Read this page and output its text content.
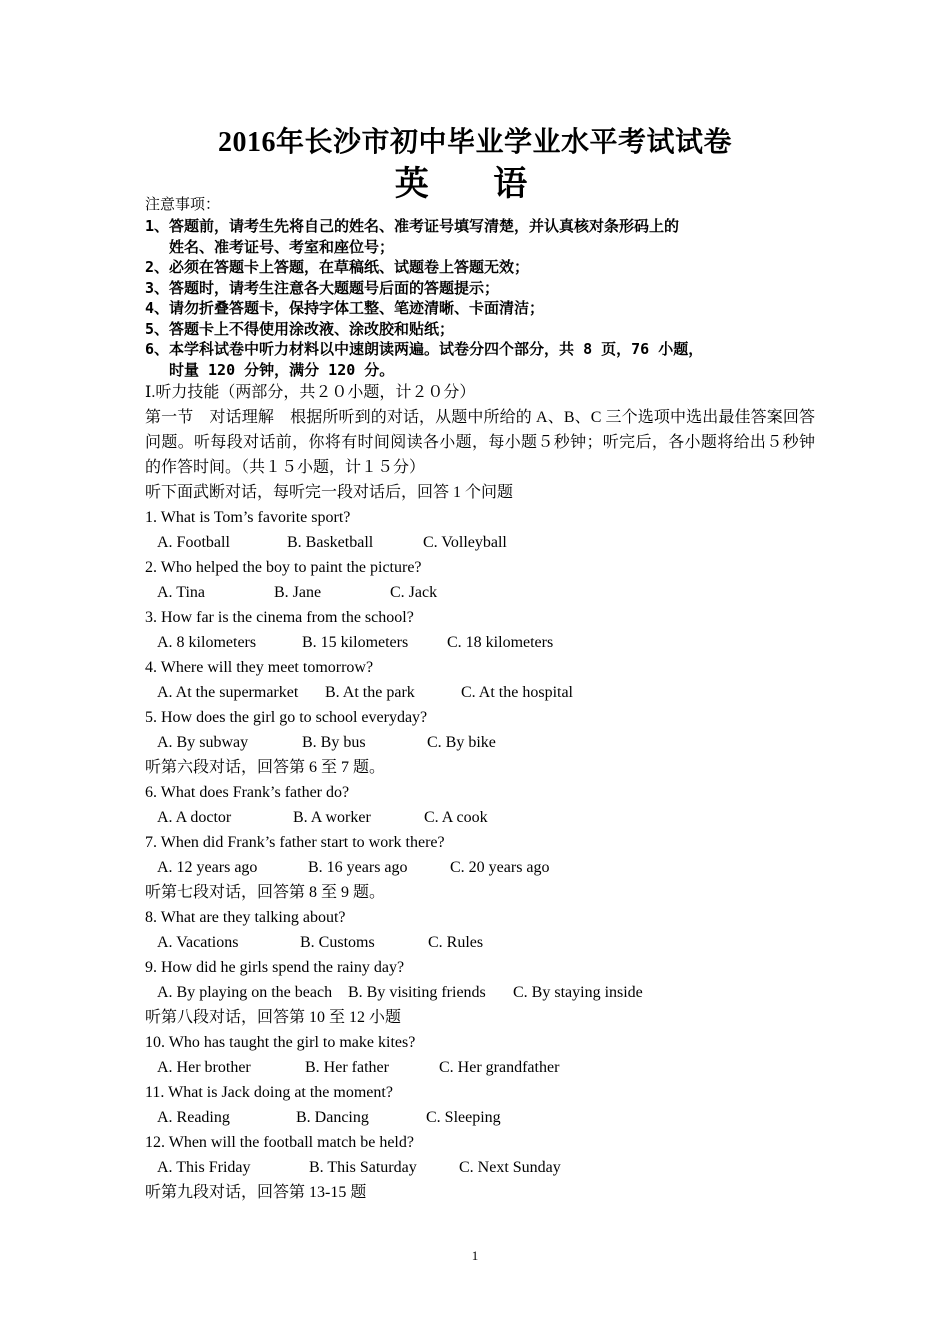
2016年长沙市初中毕业学业水平考试试卷
英 语
注意事项：
1、答题前，请考生先将自己的姓名、准考证号填写清楚，并认真核对条形码上的
姓名、准考证号、考室和座位号；
2、必须在答题卡上答题，在草稿纸、试题卷上答题无效；
3、答题时，请考生注意各大题题号后面的答题提示；
4、请勿折叠答题卡，保持字体工整、笔迹清晰、卡面清洁；
5、答题卡上不得使用涂改液、涂改胶和贴纸；
6、本学科试卷中听力材料以中速朗读两遍。试卷分四个部分，共 8 页，76 小题，
时量 120 分钟，满分 120 分。
Ⅰ.听力技能（两部分，共２０小题，计２０分）
第一节　对话理解　根据所听到的对话，从题中所给的 A、B、C 三个选项中选出最佳答案回答问题。听每段对话前，你将有时间阅读各小题，每小题５秒钟；听完后，各小题将给出５秒钟的作答时间。（共１５小题，计１５分）
听下面武断对话，每听完一段对话后，回答 1 个问题
1. What is Tom’s favorite sport?
A. Football	B. Basketball	C. Volleyball
2. Who helped the boy to paint the picture?
A. Tina	B. Jane	C. Jack
3. How far is the cinema from the school?
A. 8 kilometers	B. 15 kilometers C. 18 kilometers
4. Where will they meet tomorrow?
A. At the supermarket B. At the park	C. At the hospital
5. How does the girl go to school everyday?
A. By subway	B. By bus	C. By bike
听第六段对话，回答第 6 至 7 题。
6. What does Frank’s father do?
A. A doctor	B. A worker	C. A cook
7. When did Frank’s father start to work there?
A. 12 years ago	B. 16 years ago	C. 20 years ago
听第七段对话，回答第 8 至 9 题。
8. What are they talking about?
A. Vacations	B. Customs	C. Rules
9. How did he girls spend the rainy day?
A. By playing on the beach B. By visiting friends C. By staying inside
听第八段对话，回答第 10 至 12 小题
10. Who has taught the girl to make kites?
A. Her brother	B. Her father	C. Her grandfather
11. What is Jack doing at the moment?
A. Reading	B. Dancing	C. Sleeping
12. When will the football match be held?
A. This Friday	B. This Saturday	C. Next Sunday
听第九段对话，回答第 13-15 题
1
